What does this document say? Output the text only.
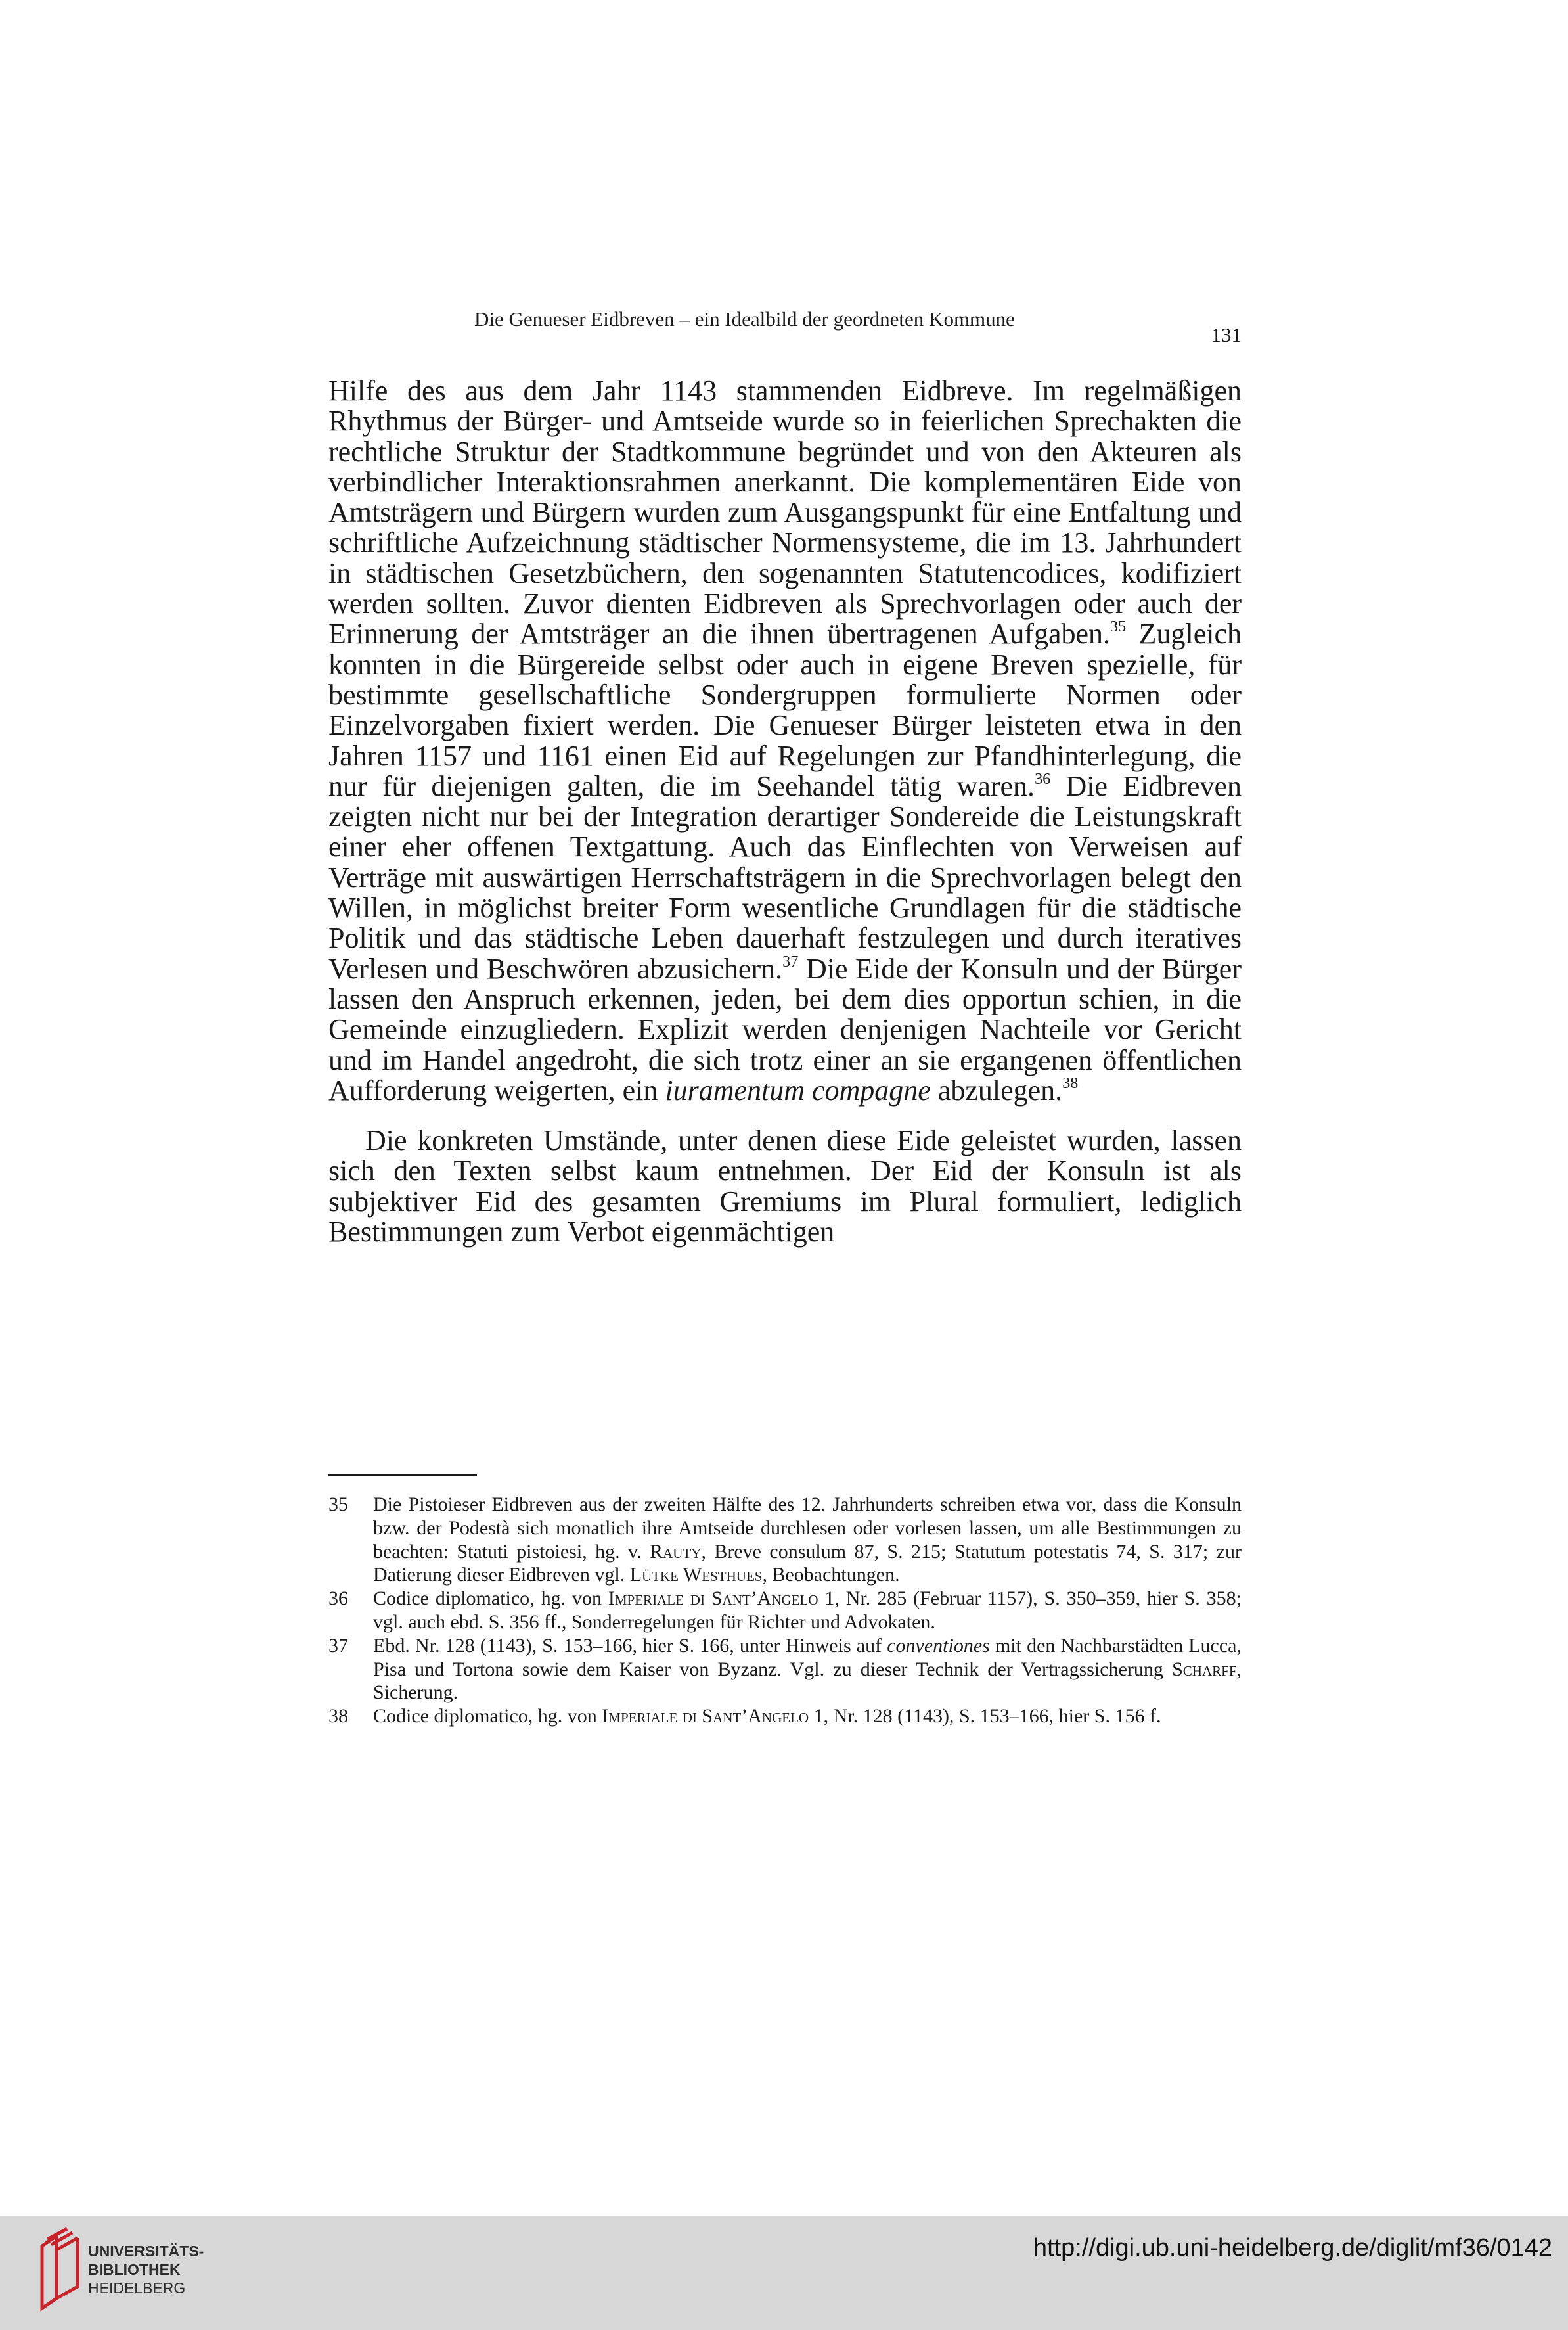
Die Genueser Eidbreven – ein Idealbild der geordneten Kommune
131

Hilfe des aus dem Jahr 1143 stammenden Eidbreve. Im regelmäßigen Rhythmus der Bürger- und Amtseide wurde so in feierlichen Sprechakten die rechtliche Struktur der Stadtkommune begründet und von den Akteuren als verbindlicher Interaktionsrahmen anerkannt. Die komplementären Eide von Amtsträgern und Bürgern wurden zum Ausgangspunkt für eine Entfaltung und schriftliche Aufzeichnung städtischer Normensysteme, die im 13. Jahrhundert in städtischen Gesetzbüchern, den sogenannten Statutencodices, kodifiziert werden sollten. Zuvor dienten Eidbreven als Sprechvorlagen oder auch der Erinnerung der Amtsträger an die ihnen übertragenen Aufgaben.$^{35}$ Zugleich konnten in die Bürgereide selbst oder auch in eigene Breven spezielle, für bestimmte gesellschaftliche Sondergruppen formulierte Normen oder Einzelvorgaben fixiert werden. Die Genueser Bürger leisteten etwa in den Jahren 1157 und 1161 einen Eid auf Regelungen zur Pfandhinterlegung, die nur für diejenigen galten, die im Seehandel tätig waren.$^{36}$ Die Eidbreven zeigten nicht nur bei der Integration derartiger Sondereide die Leistungskraft einer eher offenen Textgattung. Auch das Einflechten von Verweisen auf Verträge mit auswärtigen Herrschaftsträgern in die Sprechvorlagen belegt den Willen, in möglichst breiter Form wesentliche Grundlagen für die städtische Politik und das städtische Leben dauerhaft festzulegen und durch iteratives Verlesen und Beschwören abzusichern.$^{37}$ Die Eide der Konsuln und der Bürger lassen den Anspruch erkennen, jeden, bei dem dies opportun schien, in die Gemeinde einzugliedern. Explizit werden denjenigen Nachteile vor Gericht und im Handel angedroht, die sich trotz einer an sie ergangenen öffentlichen Aufforderung weigerten, ein iuramentum compagne abzulegen.$^{38}$

Die konkreten Umstände, unter denen diese Eide geleistet wurden, lassen sich den Texten selbst kaum entnehmen. Der Eid der Konsuln ist als subjektiver Eid des gesamten Gremiums im Plural formuliert, lediglich Bestimmungen zum Verbot eigenmächtigen

35	Die Pistoieser Eidbreven aus der zweiten Hälfte des 12. Jahrhunderts schreiben etwa vor, dass die Konsuln bzw. der Podestà sich monatlich ihre Amtseide durchlesen oder vorlesen lassen, um alle Bestimmungen zu beachten: Statuti pistoiesi, hg. v. Rauty, Breve consulum 87, S. 215; Statutum potestatis 74, S. 317; zur Datierung dieser Eidbreven vgl. Lütke Westhues, Beobachtungen.
36	Codice diplomatico, hg. von Imperiale di Sant’Angelo 1, Nr. 285 (Februar 1157), S. 350–359, hier S. 358; vgl. auch ebd. S. 356 ff., Sonderregelungen für Richter und Advokaten.
37	Ebd. Nr. 128 (1143), S. 153–166, hier S. 166, unter Hinweis auf conventiones mit den Nachbarstädten Lucca, Pisa und Tortona sowie dem Kaiser von Byzanz. Vgl. zu dieser Technik der Vertragssicherung Scharff, Sicherung.
38	Codice diplomatico, hg. von Imperiale di Sant’Angelo 1, Nr. 128 (1143), S. 153–166, hier S. 156 f.
UNIVERSITÄTS-
BIBLIOTHEK
HEIDELBERG
http://digi.ub.uni-heidelberg.de/diglit/mf36/0142
